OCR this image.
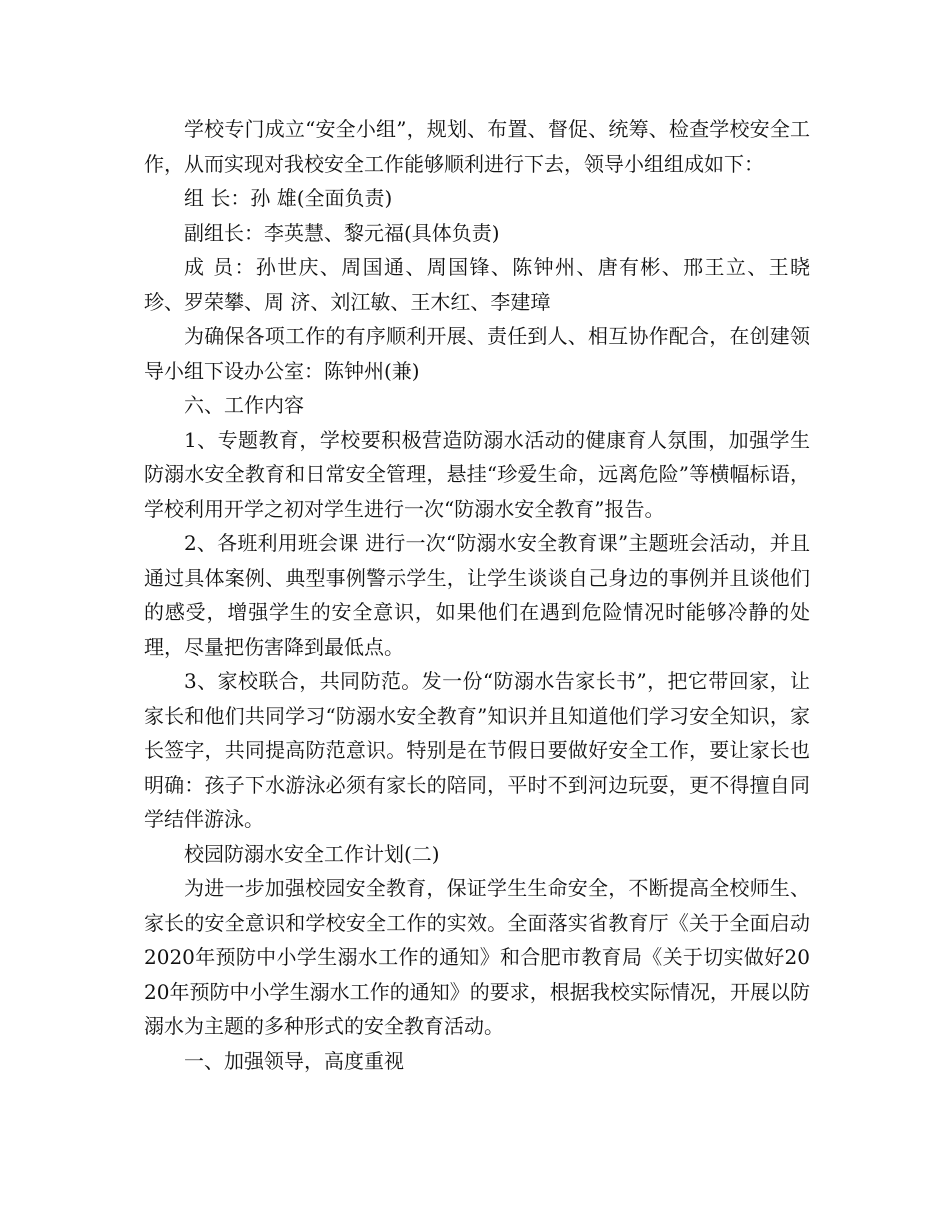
学校专门成立“安全小组”，规划、布置、督促、统筹、检查学校安全工作，从而实现对我校安全工作能够顺利进行下去，领导小组组成如下：

组 长：孙 雄(全面负责)

副组长：李英慧、黎元福(具体负责)

成 员：孙世庆、周国通、周国锋、陈钟州、唐有彬、邢王立、王晓珍、罗荣攀、周 济、刘江敏、王木红、李建璋

为确保各项工作的有序顺利开展、责任到人、相互协作配合，在创建领导小组下设办公室：陈钟州(兼)

六、工作内容

1、专题教育，学校要积极营造防溺水活动的健康育人氛围，加强学生防溺水安全教育和日常安全管理，悬挂“珍爱生命，远离危险”等横幅标语，学校利用开学之初对学生进行一次“防溺水安全教育”报告。

2、各班利用班会课 进行一次“防溺水安全教育课”主题班会活动，并且通过具体案例、典型事例警示学生，让学生谈谈自己身边的事例并且谈他们的感受，增强学生的安全意识，如果他们在遇到危险情况时能够冷静的处理，尽量把伤害降到最低点。

3、家校联合，共同防范。发一份“防溺水告家长书”，把它带回家，让家长和他们共同学习“防溺水安全教育”知识并且知道他们学习安全知识，家长签字，共同提高防范意识。特别是在节假日要做好安全工作，要让家长也明确：孩子下水游泳必须有家长的陪同，平时不到河边玩耍，更不得擅自同学结伴游泳。

校园防溺水安全工作计划(二)

为进一步加强校园安全教育，保证学生生命安全，不断提高全校师生、家长的安全意识和学校安全工作的实效。全面落实省教育厅《关于全面启动2020年预防中小学生溺水工作的通知》和合肥市教育局《关于切实做好2020年预防中小学生溺水工作的通知》的要求，根据我校实际情况，开展以防溺水为主题的多种形式的安全教育活动。

一、加强领导，高度重视
